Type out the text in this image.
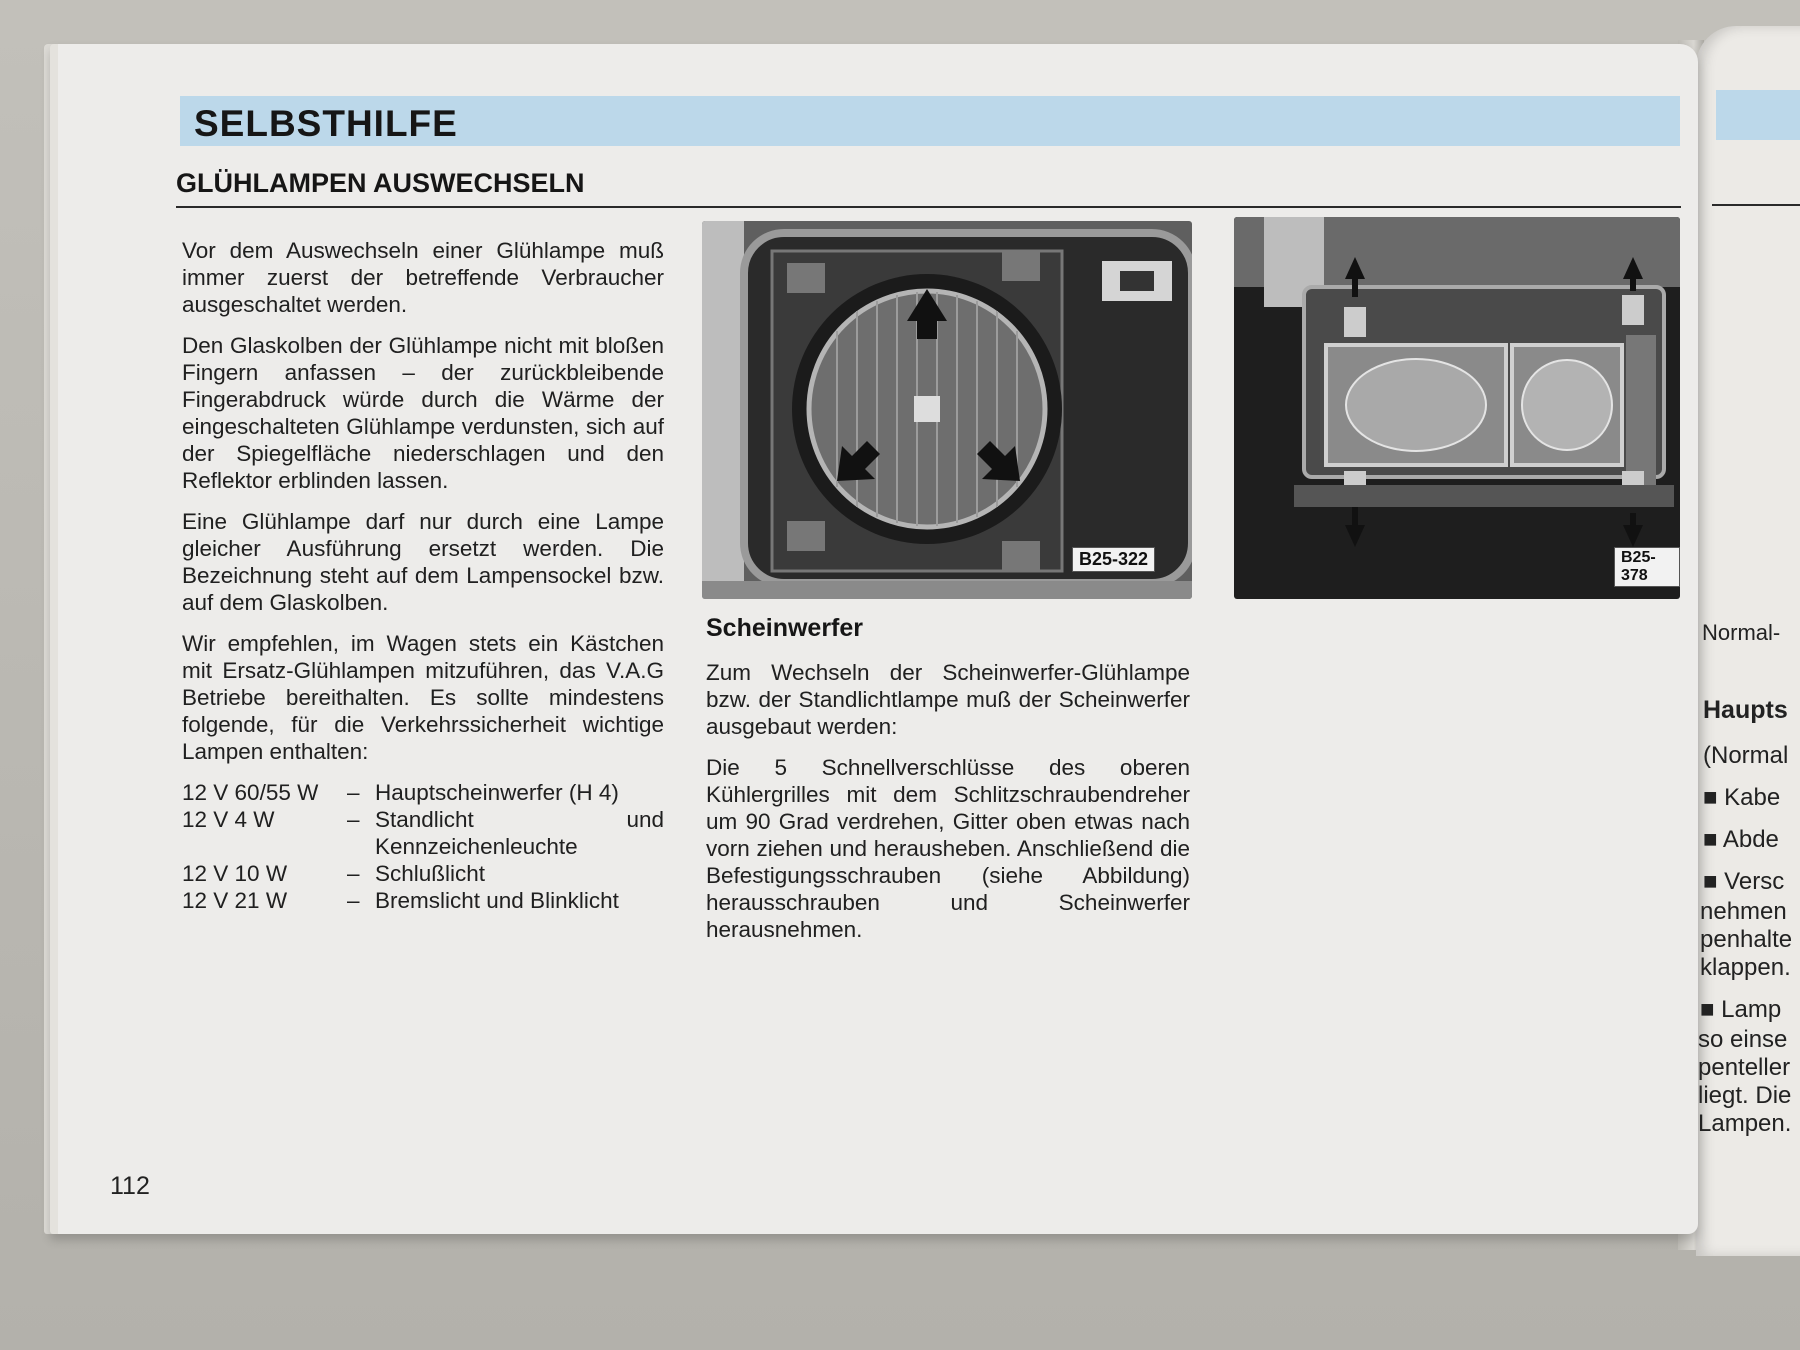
SELBSTHILFE
GLÜHLAMPEN AUSWECHSELN

Vor dem Auswechseln einer Glühlampe muß immer zuerst der betreffende Verbraucher ausgeschaltet werden.

Den Glaskolben der Glühlampe nicht mit bloßen Fingern anfassen – der zurückbleibende Fingerabdruck würde durch die Wärme der eingeschalteten Glühlampe verdunsten, sich auf der Spiegelfläche niederschlagen und den Reflektor erblinden lassen.

Eine Glühlampe darf nur durch eine Lampe gleicher Ausführung ersetzt werden. Die Bezeichnung steht auf dem Lampensockel bzw. auf dem Glaskolben.

Wir empfehlen, im Wagen stets ein Kästchen mit Ersatz-Glühlampen mitzuführen, das V.A.G Betriebe bereithalten. Es sollte mindestens folgende, für die Verkehrssicherheit wichtige Lampen enthalten:

12 V 60/55 W	–	Hauptscheinwerfer (H 4)
12 V 4 W	–	Standlicht und Kennzeichenleuchte
12 V 10 W	–	Schlußlicht
12 V 21 W	–	Bremslicht und Blinklicht
B25-322	B25-378
Scheinwerfer

Zum Wechseln der Scheinwerfer-Glühlampe bzw. der Standlichtlampe muß der Scheinwerfer ausgebaut werden:

Die 5 Schnellverschlüsse des oberen Kühlergrilles mit dem Schlitzschraubendreher um 90 Grad verdrehen, Gitter oben etwas nach vorn ziehen und herausheben. Anschließend die Befestigungsschrauben (siehe Abbildung) herausschrauben und Scheinwerfer herausnehmen.

112
Normal-
Haupts
(Normal
■ Kabe
■ Abde
■ Versc
nehmen
penhalte
klappen.
■ Lamp
so einse
penteller
liegt. Die
Lampen.
